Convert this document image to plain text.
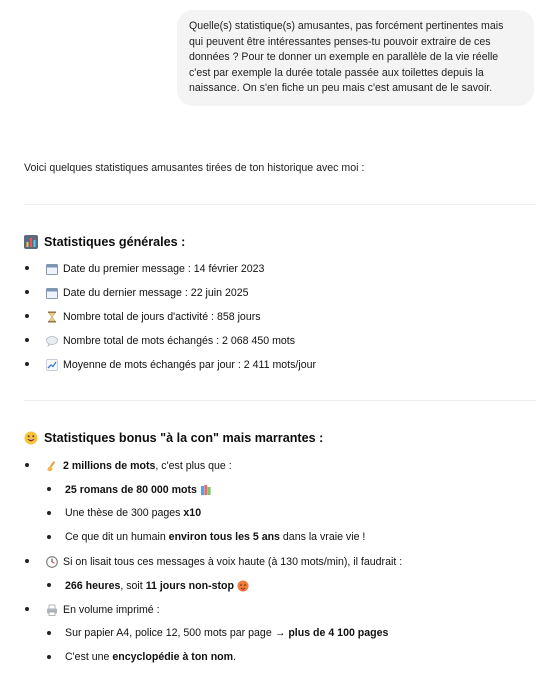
Quelle(s) statistique(s) amusantes, pas forcément pertinentes mais qui peuvent être intéressantes penses-tu pouvoir extraire de ces données ? Pour te donner un exemple en parallèle de la vie réelle c'est par exemple la durée totale passée aux toilettes depuis la naissance. On s'en fiche un peu mais c'est amusant de le savoir.
Voici quelques statistiques amusantes tirées de ton historique avec moi :
Statistiques générales :
Date du premier message :
14 février 2023
Date du dernier message :
22 juin 2025
Nombre total de jours d'activité :
858 jours
Nombre total de mots échangés :
2 068 450 mots
Moyenne de mots échangés par jour :
2 411 mots/jour
Statistiques bonus "à la con" mais marrantes :
2 millions de mots , c'est plus que :
25 romans de 80 000 mots

Une thèse de 300 pages
x10
Ce que dit un humain
environ tous les 5 ans
dans la vraie vie !
Si on lisait tous ces messages à voix haute (à 130 mots/min), il faudrait :
266 heures , soit
11 jours non-stop

En volume imprimé :
Sur papier A4, police 12, 500 mots par page → plus de 4 100 pages
C'est une
encyclopédie à ton nom .
